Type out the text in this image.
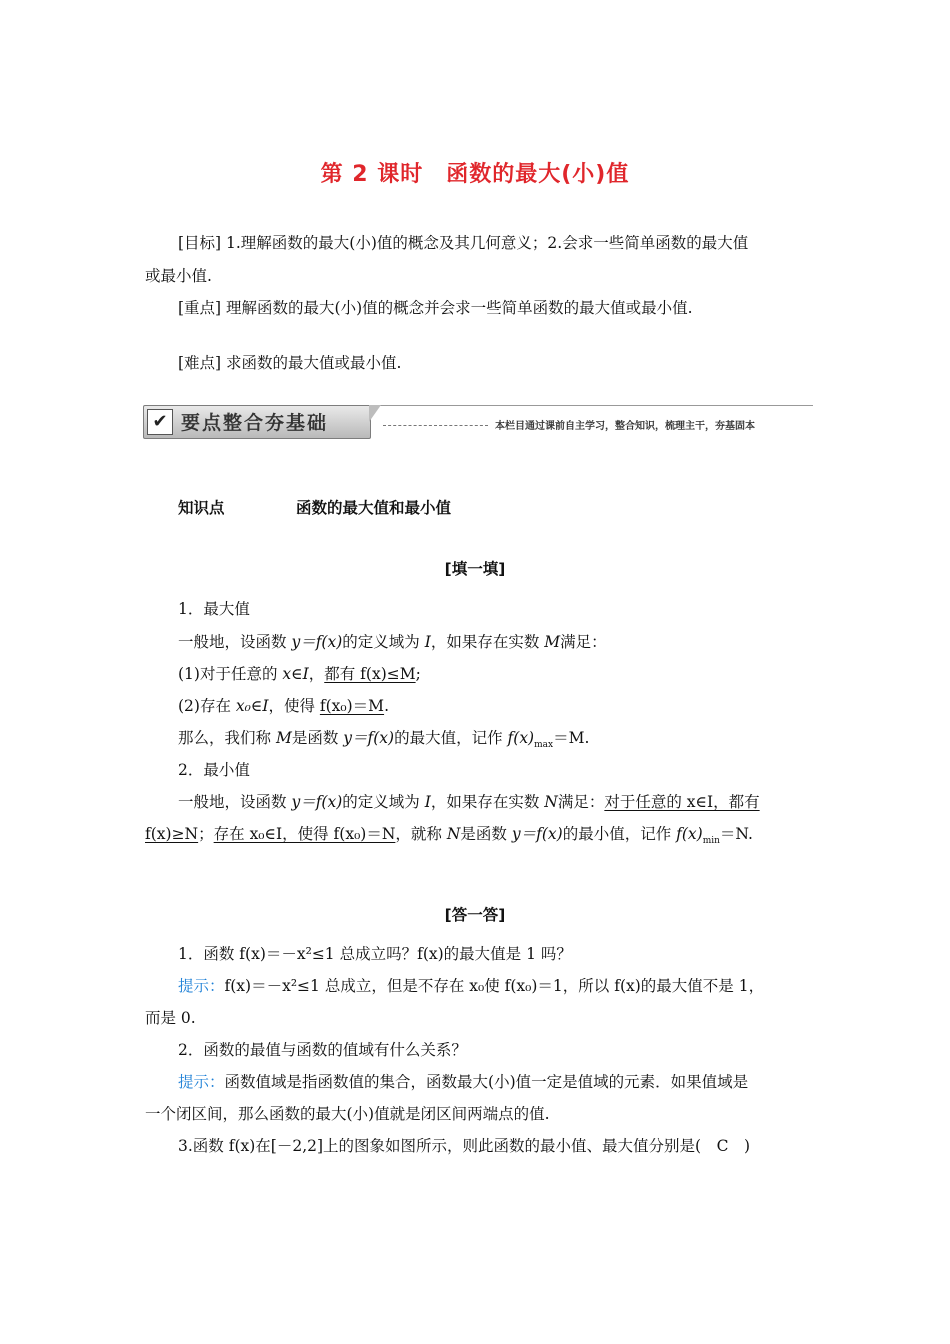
第 2 课时　函数的最大(小)值
[目标] 1.理解函数的最大(小)值的概念及其几何意义；2.会求一些简单函数的最大值
或最小值.
[重点] 理解函数的最大(小)值的概念并会求一些简单函数的最大值或最小值.
[难点] 求函数的最大值或最小值.
✔ 要点整合夯基础	本栏目通过课前自主学习，整合知识，梳理主干，夯基固本
知识点	函数的最大值和最小值
[填一填]
1．最大值
一般地，设函数 y＝f(x)的定义域为 I，如果存在实数 M满足：
(1)对于任意的 x∈I，都有 f(x)≤M;
(2)存在 x₀∈I，使得 f(x₀)＝M.
那么，我们称 M是函数 y＝f(x)的最大值，记作 $f(x)_{max}=M$.
2．最小值
一般地，设函数 y＝f(x)的定义域为 I，如果存在实数 N满足：对于任意的 x∈I，都有
f(x)≥N；存在 x₀∈I，使得 f(x₀)＝N，就称 N是函数 y＝f(x)的最小值，记作 $f(x)_{min}=N$.
[答一答]
1．函数 f(x)＝－x²≤1 总成立吗？f(x)的最大值是 1 吗？
提示：f(x)＝－x²≤1 总成立，但是不存在 x₀使 f(x₀)＝1，所以 f(x)的最大值不是 1，
而是 0.
2．函数的最值与函数的值域有什么关系？
提示：函数值域是指函数值的集合，函数最大(小)值一定是值域的元素．如果值域是
一个闭区间，那么函数的最大(小)值就是闭区间两端点的值.
3.函数 f(x)在[－2,2]上的图象如图所示，则此函数的最小值、最大值分别是(　C　)
